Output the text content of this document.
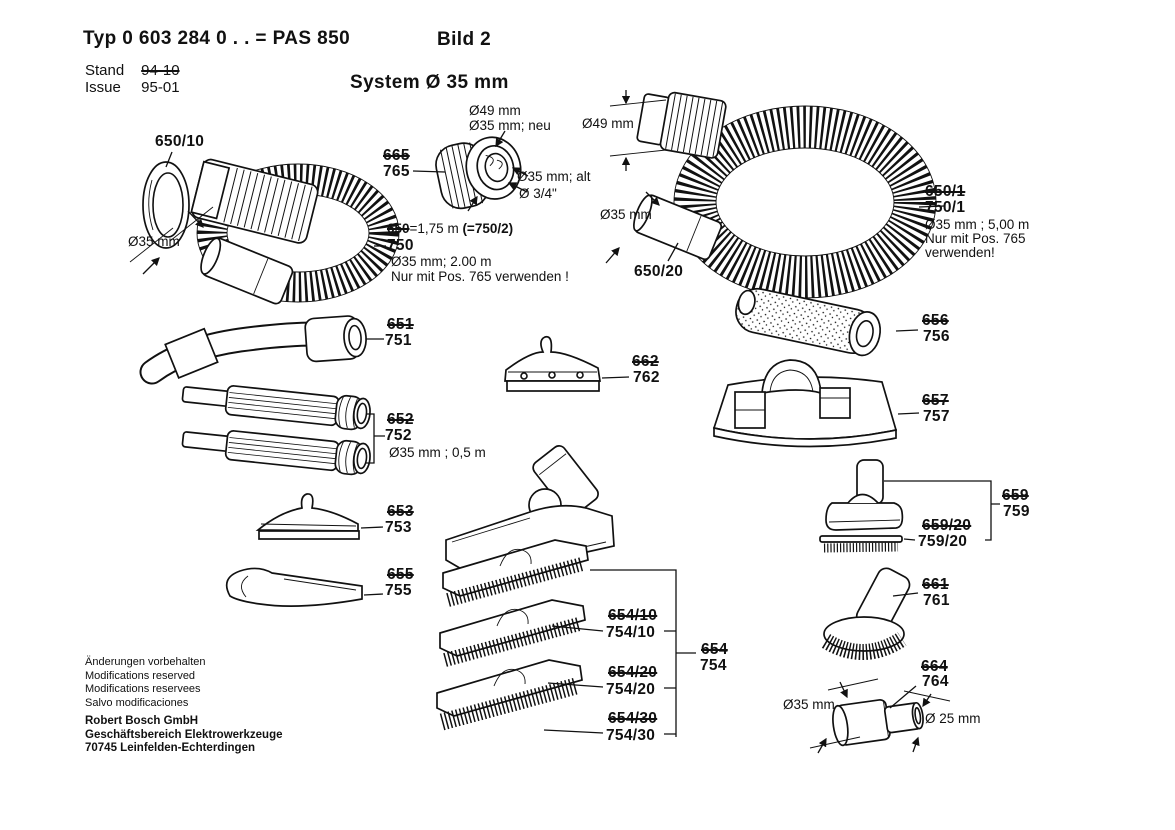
Typ 0 603 284 0 . . = PAS 850	Bild 2
Stand 94-10
Issue 95-01	System Ø 35 mm
650/10
Ø35 mm
Ø49 mm
Ø35 mm; neu
665
765	Ø35 mm; alt
Ø 3/4"
650=1,75 m (=750/2)
750
Ø35 mm; 2.00 m
Nur mit Pos. 765 verwenden !
Ø49 mm
Ø35 mm
650/20
650/1
750/1
Ø35 mm ; 5,00 m
Nur mit Pos. 765
verwenden!
651
751
652
752
Ø35 mm ; 0,5 m
653
753
655
755
662
762
656
756
657
757
654/10
754/10
654/20
754/20
654/30
754/30
654
754
659
759
659/20
759/20
661
761
664
764
Ø35 mm
Ø 25 mm
Änderungen vorbehalten
Modifications reserved
Modifications reservees
Salvo modificaciones
Robert Bosch GmbH
Geschäftsbereich Elektrowerkzeuge
70745 Leinfelden-Echterdingen
